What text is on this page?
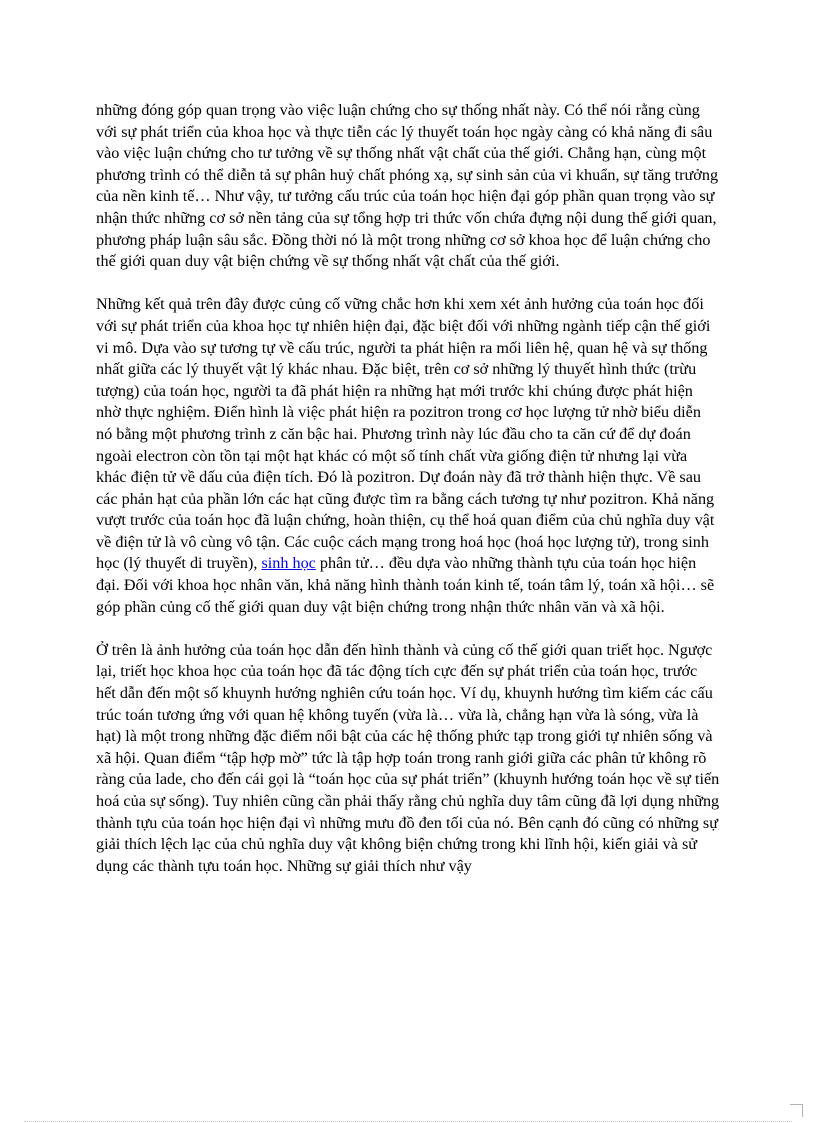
những đóng góp quan trọng vào việc luận chứng cho sự thống nhất này. Có thể nói rằng cùng với sự phát triển của khoa học và thực tiễn các lý thuyết toán học ngày càng có khả năng đi sâu vào việc luận chứng cho tư tưởng về sự thống nhất vật chất của thế giới. Chẳng hạn, cùng một phương trình có thể diễn tả sự phân huỷ chất phóng xạ, sự sinh sản của vi khuẩn, sự tăng trưởng của nền kinh tế… Như vậy, tư tưởng cấu trúc của toán học hiện đại góp phần quan trọng vào sự nhận thức những cơ sở nền tảng của sự tổng hợp tri thức vốn chứa đựng nội dung thế giới quan, phương pháp luận sâu sắc. Đồng thời nó là một trong những cơ sở khoa học để luận chứng cho thế giới quan duy vật biện chứng về sự thống nhất vật chất của thế giới.

Những kết quả trên đây được củng cố vững chắc hơn khi xem xét ảnh hưởng của toán học đối với sự phát triển của khoa học tự nhiên hiện đại, đặc biệt đối với những ngành tiếp cận thế giới vi mô. Dựa vào sự tương tự về cấu trúc, người ta phát hiện ra mối liên hệ, quan hệ và sự thống nhất giữa các lý thuyết vật lý khác nhau. Đặc biệt, trên cơ sở những lý thuyết hình thức (trừu tượng) của toán học, người ta đã phát hiện ra những hạt mới trước khi chúng được phát hiện nhờ thực nghiệm. Điển hình là việc phát hiện ra pozitron trong cơ học lượng tử nhờ biểu diễn nó bằng một phương trình z căn bậc hai. Phương trình này lúc đầu cho ta căn cứ để dự đoán ngoài electron còn tồn tại một hạt khác có một số tính chất vừa giống điện tử nhưng lại vừa khác điện tử về dấu của điện tích. Đó là pozitron. Dự đoán này đã trở thành hiện thực. Về sau các phản hạt của phần lớn các hạt cũng được tìm ra bằng cách tương tự như pozitron. Khả năng vượt trước của toán học đã luận chứng, hoàn thiện, cụ thể hoá quan điểm của chủ nghĩa duy vật về điện tử là vô cùng vô tận. Các cuộc cách mạng trong hoá học (hoá học lượng tử), trong sinh học (lý thuyết di truyền), sinh học phân tử… đều dựa vào những thành tựu của toán học hiện đại. Đối với khoa học nhân văn, khả năng hình thành toán kinh tế, toán tâm lý, toán xã hội… sẽ góp phần củng cố thế giới quan duy vật biện chứng trong nhận thức nhân văn và xã hội.

Ở trên là ảnh hưởng của toán học dẫn đến hình thành và củng cố thế giới quan triết học. Ngược lại, triết học khoa học của toán học đã tác động tích cực đến sự phát triển của toán học, trước hết dẫn đến một số khuynh hướng nghiên cứu toán học. Ví dụ, khuynh hướng tìm kiếm các cấu trúc toán tương ứng với quan hệ không tuyến (vừa là… vừa là, chẳng hạn vừa là sóng, vừa là hạt) là một trong những đặc điểm nổi bật của các hệ thống phức tạp trong giới tự nhiên sống và xã hội. Quan điểm “tập hợp mờ” tức là tập hợp toán trong ranh giới giữa các phân tử không rõ ràng của lade, cho đến cái gọi là “toán học của sự phát triển” (khuynh hướng toán học về sự tiến hoá của sự sống). Tuy nhiên cũng cần phải thấy rằng chủ nghĩa duy tâm cũng đã lợi dụng những thành tựu của toán học hiện đại vì những mưu đồ đen tối của nó. Bên cạnh đó cũng có những sự giải thích lệch lạc của chủ nghĩa duy vật không biện chứng trong khi lĩnh hội, kiến giải và sử dụng các thành tựu toán học. Những sự giải thích như vậy
